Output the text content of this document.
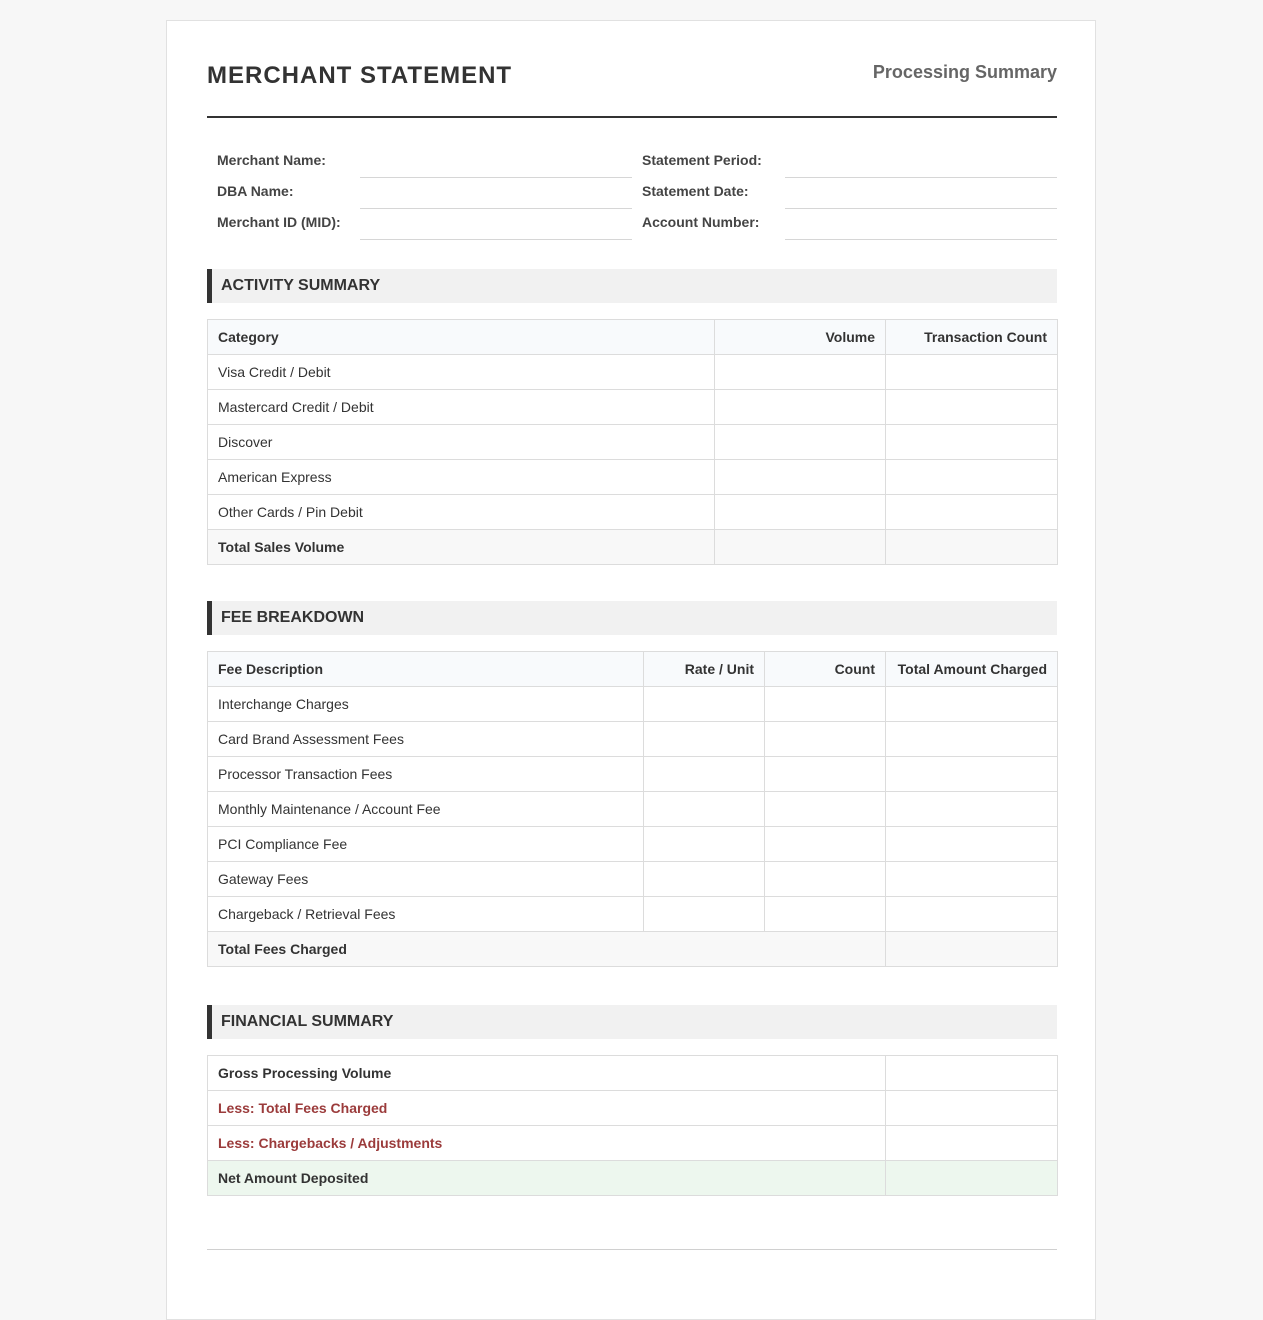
MERCHANT STATEMENT	Processing Summary
Merchant Name:
DBA Name:
Merchant ID (MID):
Statement Period:
Statement Date:
Account Number:
ACTIVITY SUMMARY
Category	Volume	Transaction Count
Visa Credit / Debit		
Mastercard Credit / Debit		
Discover		
American Express		
Other Cards / Pin Debit		
Total Sales Volume		
FEE BREAKDOWN
Fee Description	Rate / Unit	Count	Total Amount Charged
Interchange Charges			
Card Brand Assessment Fees			
Processor Transaction Fees			
Monthly Maintenance / Account Fee			
PCI Compliance Fee			
Gateway Fees			
Chargeback / Retrieval Fees			
Total Fees Charged			
FINANCIAL SUMMARY
Gross Processing Volume	
Less: Total Fees Charged	
Less: Chargebacks / Adjustments	
Net Amount Deposited	
